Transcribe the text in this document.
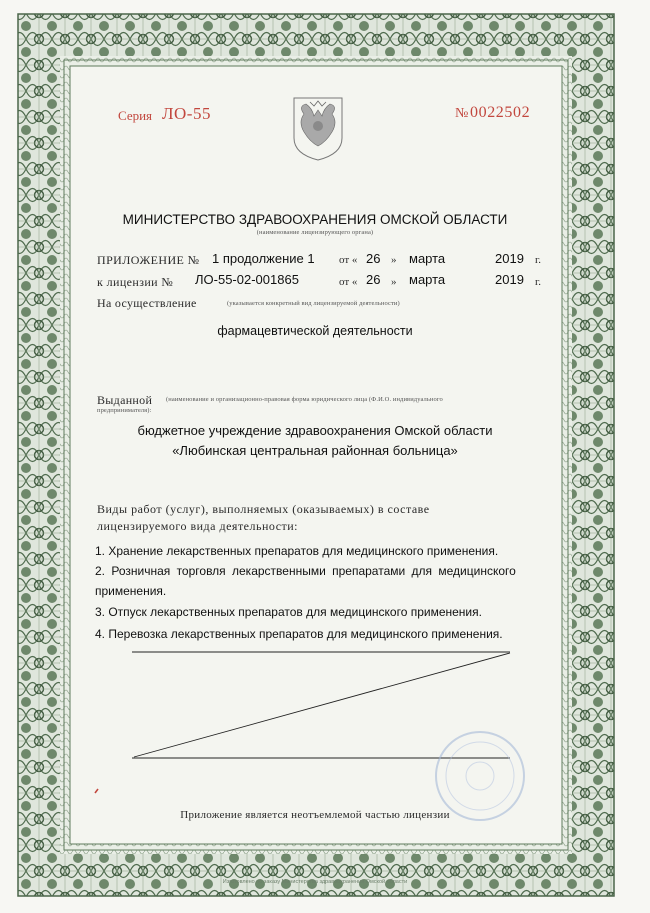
Серия ЛО-55	№ 0022502
МИНИСТЕРСТВО ЗДРАВООХРАНЕНИЯ ОМСКОЙ ОБЛАСТИ
(наименование лицензирующего органа)
ПРИЛОЖЕНИЕ № 1 продолжение 1 от « 26 » марта	2019 г.
к лицензии № ЛО-55-02-001865	от « 26 » марта	2019 г.
На осуществление	(указывается конкретный вид лицензируемой деятельности)
фармацевтической деятельности
Выданной (наименование и организационно-правовая форма юридического лица (Ф.И.О. индивидуального
предпринимателя):
бюджетное учреждение здравоохранения Омской области
«Любинская центральная районная больница»
Виды работ (услуг), выполняемых (оказываемых) в составе
лицензируемого вида деятельности:
1. Хранение лекарственных препаратов для медицинского применения.
2. Розничная торговля лекарственными препаратами для медицинского
применения.
3. Отпуск лекарственных препаратов для медицинского применения.
4. Перевозка лекарственных препаратов для медицинского применения.
Приложение является неотъемлемой частью лицензии
Изготовлено по заказу Министерства здравоохранения Омской области
